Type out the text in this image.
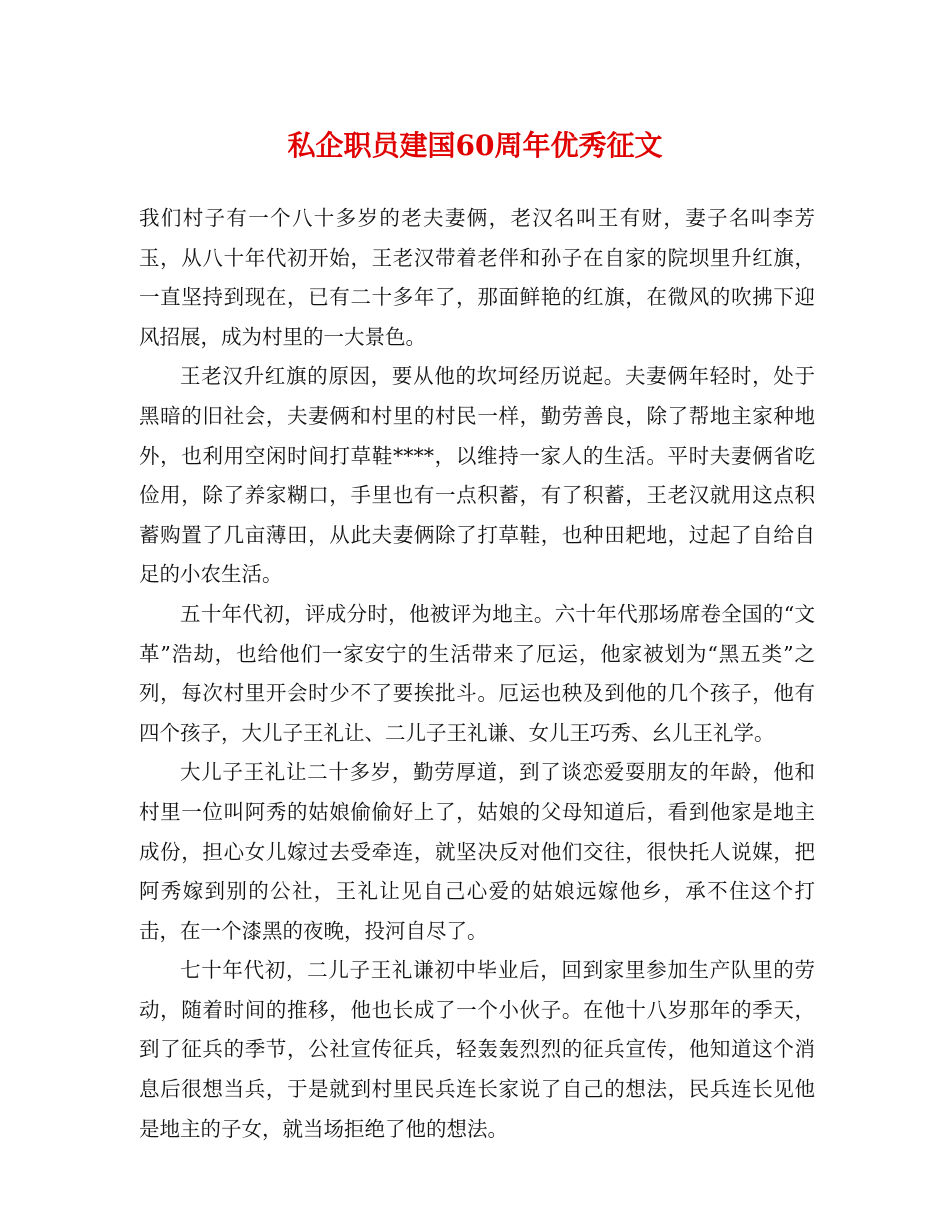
私企职员建国60周年优秀征文

我们村子有一个八十多岁的老夫妻俩，老汉名叫王有财，妻子名叫李芳玉，从八十年代初开始，王老汉带着老伴和孙子在自家的院坝里升红旗，一直坚持到现在，已有二十多年了，那面鲜艳的红旗，在微风的吹拂下迎风招展，成为村里的一大景色。

王老汉升红旗的原因，要从他的坎坷经历说起。夫妻俩年轻时，处于黑暗的旧社会，夫妻俩和村里的村民一样，勤劳善良，除了帮地主家种地外，也利用空闲时间打草鞋****，以维持一家人的生活。平时夫妻俩省吃俭用，除了养家糊口，手里也有一点积蓄，有了积蓄，王老汉就用这点积蓄购置了几亩薄田，从此夫妻俩除了打草鞋，也种田耙地，过起了自给自足的小农生活。

五十年代初，评成分时，他被评为地主。六十年代那场席卷全国的“文革”浩劫，也给他们一家安宁的生活带来了厄运，他家被划为“黑五类”之列，每次村里开会时少不了要挨批斗。厄运也秧及到他的几个孩子，他有四个孩子，大儿子王礼让、二儿子王礼谦、女儿王巧秀、幺儿王礼学。

大儿子王礼让二十多岁，勤劳厚道，到了谈恋爱耍朋友的年龄，他和村里一位叫阿秀的姑娘偷偷好上了，姑娘的父母知道后，看到他家是地主成份，担心女儿嫁过去受牵连，就坚决反对他们交往，很快托人说媒，把阿秀嫁到别的公社，王礼让见自己心爱的姑娘远嫁他乡，承不住这个打击，在一个漆黑的夜晚，投河自尽了。

七十年代初，二儿子王礼谦初中毕业后，回到家里参加生产队里的劳动，随着时间的推移，他也长成了一个小伙子。在他十八岁那年的季天，到了征兵的季节，公社宣传征兵，轻轰轰烈烈的征兵宣传，他知道这个消息后很想当兵，于是就到村里民兵连长家说了自己的想法，民兵连长见他是地主的子女，就当场拒绝了他的想法。
